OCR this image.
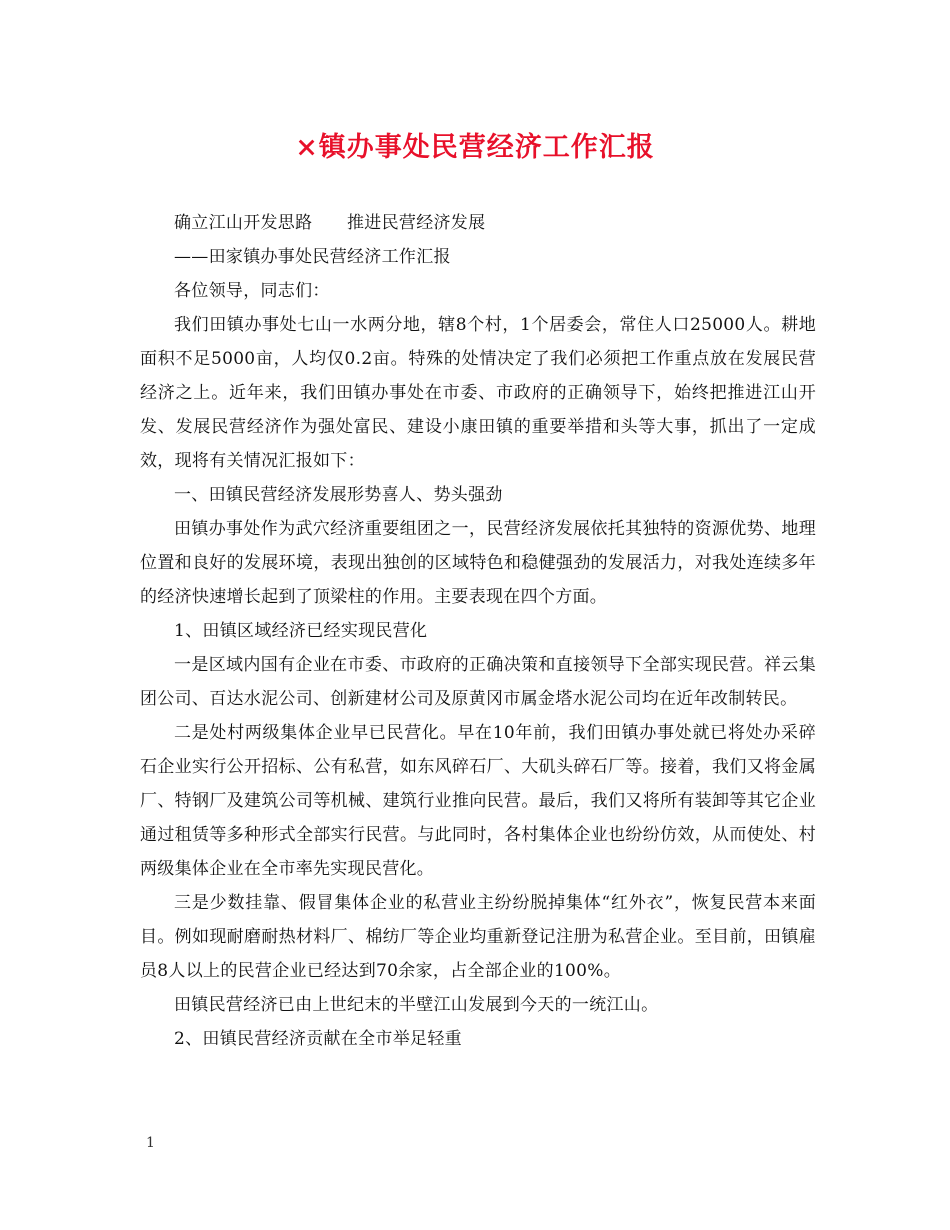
×镇办事处民营经济工作汇报

确立江山开发思路　　推进民营经济发展

——田家镇办事处民营经济工作汇报

各位领导，同志们：

我们田镇办事处七山一水两分地，辖8个村，1个居委会，常住人口25000人。耕地面积不足5000亩，人均仅0.2亩。特殊的处情决定了我们必须把工作重点放在发展民营经济之上。近年来，我们田镇办事处在市委、市政府的正确领导下，始终把推进江山开发、发展民营经济作为强处富民、建设小康田镇的重要举措和头等大事，抓出了一定成效，现将有关情况汇报如下：

一、田镇民营经济发展形势喜人、势头强劲

田镇办事处作为武穴经济重要组团之一，民营经济发展依托其独特的资源优势、地理位置和良好的发展环境，表现出独创的区域特色和稳健强劲的发展活力，对我处连续多年的经济快速增长起到了顶梁柱的作用。主要表现在四个方面。

1、田镇区域经济已经实现民营化

一是区域内国有企业在市委、市政府的正确决策和直接领导下全部实现民营。祥云集团公司、百达水泥公司、创新建材公司及原黄冈市属金塔水泥公司均在近年改制转民。

二是处村两级集体企业早已民营化。早在10年前，我们田镇办事处就已将处办采碎石企业实行公开招标、公有私营，如东风碎石厂、大矶头碎石厂等。接着，我们又将金属厂、特钢厂及建筑公司等机械、建筑行业推向民营。最后，我们又将所有装卸等其它企业通过租赁等多种形式全部实行民营。与此同时，各村集体企业也纷纷仿效，从而使处、村两级集体企业在全市率先实现民营化。

三是少数挂靠、假冒集体企业的私营业主纷纷脱掉集体“红外衣”，恢复民营本来面目。例如现耐磨耐热材料厂、棉纺厂等企业均重新登记注册为私营企业。至目前，田镇雇员8人以上的民营企业已经达到70余家，占全部企业的100%。

田镇民营经济已由上世纪末的半壁江山发展到今天的一统江山。

2、田镇民营经济贡献在全市举足轻重

1
